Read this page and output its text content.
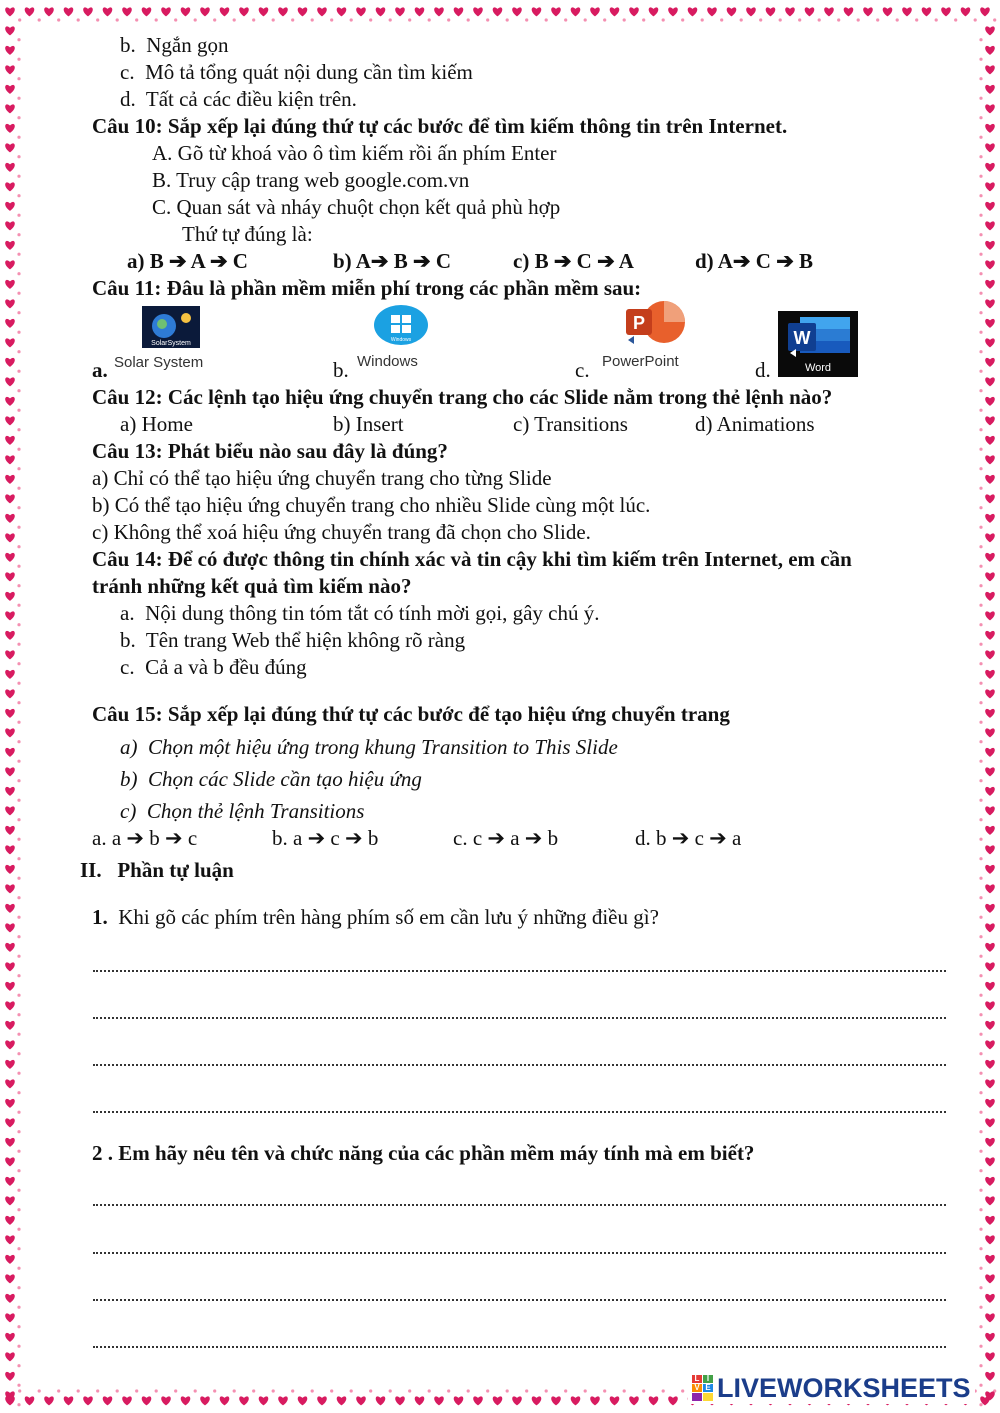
b. Ngắn gọn
c. Mô tả tổng quát nội dung cần tìm kiếm
d. Tất cả các điều kiện trên.
Câu 10: Sắp xếp lại đúng thứ tự các bước để tìm kiếm thông tin trên Internet.
A. Gõ từ khoá vào ô tìm kiếm rồi ấn phím Enter
B. Truy cập trang web google.com.vn
C. Quan sát và nháy chuột chọn kết quả phù hợp
Thứ tự đúng là:
a) B ➔ A ➔ C	b) A➔ B ➔ C	c) B ➔ C ➔ A	d) A➔ C ➔ B
Câu 11: Đâu là phần mềm miễn phí trong các phần mềm sau:
a.
SolarSystem
Solar System	b.
Windows
Windows	c.
P
PowerPoint	d.
W
Word
Câu 12: Các lệnh tạo hiệu ứng chuyển trang cho các Slide nằm trong thẻ lệnh nào?
a) Home	b) Insert	c) Transitions	d) Animations
Câu 13: Phát biểu nào sau đây là đúng?
a) Chỉ có thể tạo hiệu ứng chuyển trang cho từng Slide
b) Có thể tạo hiệu ứng chuyển trang cho nhiều Slide cùng một lúc.
c) Không thể xoá hiệu ứng chuyển trang đã chọn cho Slide.
Câu 14: Để có được thông tin chính xác và tin cậy khi tìm kiếm trên Internet, em cần
tránh những kết quả tìm kiếm nào?
a. Nội dung thông tin tóm tắt có tính mời gọi, gây chú ý.
b. Tên trang Web thể hiện không rõ ràng
c. Cả a và b đều đúng
Câu 15: Sắp xếp lại đúng thứ tự các bước để tạo hiệu ứng chuyển trang
a) Chọn một hiệu ứng trong khung Transition to This Slide
b) Chọn các Slide cần tạo hiệu ứng
c) Chọn thẻ lệnh Transitions
a. a ➔ b ➔ c	b. a ➔ c ➔ b	c. c ➔ a ➔ b	d. b ➔ c ➔ a
II. Phần tự luận
1. Khi gõ các phím trên hàng phím số em cần lưu ý những điều gì?
2 . Em hãy nêu tên và chức năng của các phần mềm máy tính mà em biết?
L I
V E LIVEWORKSHEETS
